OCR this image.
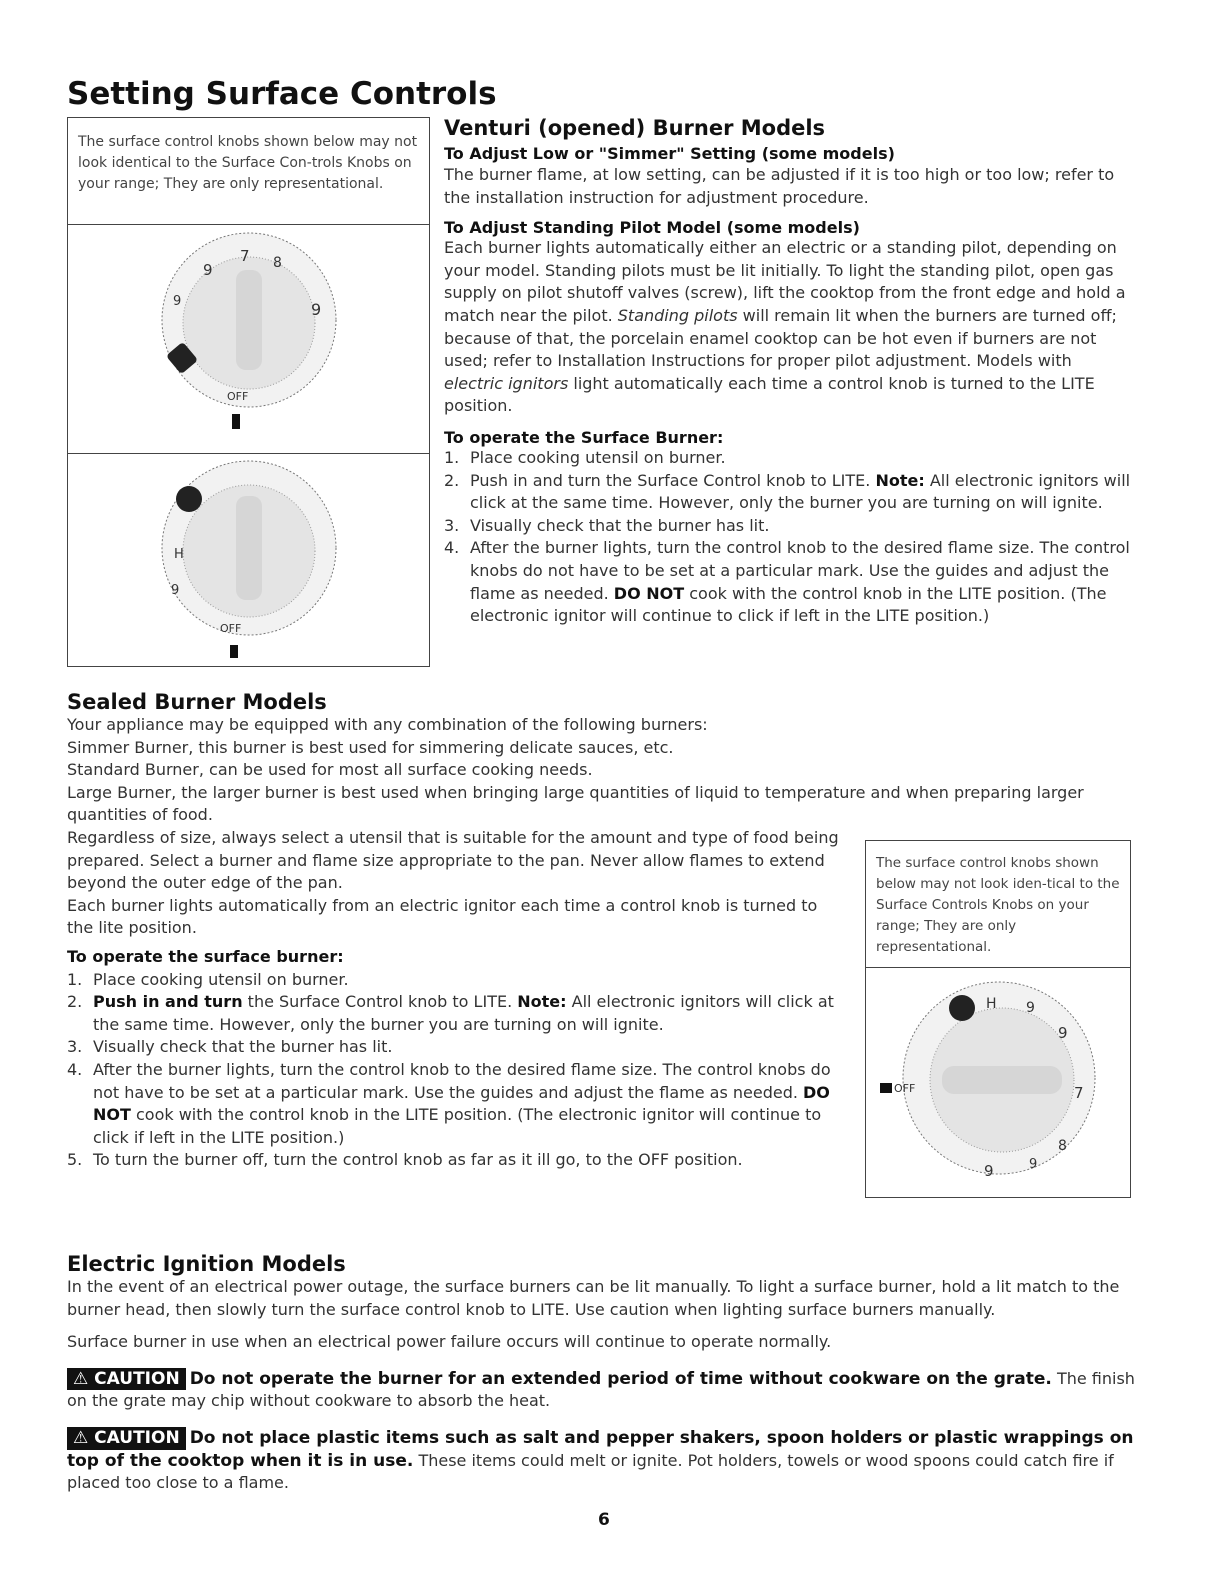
Setting Surface Controls
The surface control knobs shown below may not look identical to the Surface Con-trols Knobs on your range; They are only representational.
9
7 8
9
9
OFF
H
9
OFF
Venturi (opened) Burner Models
To Adjust Low or "Simmer" Setting (some models)
The burner flame, at low setting, can be adjusted if it is too high or too low; refer to the installation instruction for adjustment procedure.
To Adjust Standing Pilot Model (some models)
Each burner lights automatically either an electric or a standing pilot, depending on your model. Standing pilots must be lit initially. To light the standing pilot, open gas supply on pilot shutoff valves (screw), lift the cooktop from the front edge and hold a match near the pilot. Standing pilots will remain lit when the burners are turned off; because of that, the porcelain enamel cooktop can be hot even if burners are not used; refer to Installation Instructions for proper pilot adjustment. Models with electric ignitors light automatically each time a control knob is turned to the LITE position.
To operate the Surface Burner:
1. Place cooking utensil on burner.
2. Push in and turn the Surface Control knob to LITE. Note: All electronic ignitors will click at the same time. However, only the burner you are turning on will ignite.
3. Visually check that the burner has lit.
4. After the burner lights, turn the control knob to the desired flame size. The control knobs do not have to be set at a particular mark. Use the guides and adjust the flame as needed. DO NOT cook with the control knob in the LITE position. (The electronic ignitor will continue to click if left in the LITE position.)
Sealed Burner Models
Your appliance may be equipped with any combination of the following burners:
Simmer Burner, this burner is best used for simmering delicate sauces, etc.
Standard Burner, can be used for most all surface cooking needs.
Large Burner, the larger burner is best used when bringing large quantities of liquid to temperature and when preparing larger quantities of food.
Regardless of size, always select a utensil that is suitable for the amount and type of food being prepared. Select a burner and flame size appropriate to the pan. Never allow flames to extend beyond the outer edge of the pan.
Each burner lights automatically from an electric ignitor each time a control knob is turned to the lite position.
To operate the surface burner:
1. Place cooking utensil on burner.
2. Push in and turn the Surface Control knob to LITE. Note: All electronic ignitors will click at the same time. However, only the burner you are turning on will ignite.
3. Visually check that the burner has lit.
4. After the burner lights, turn the control knob to the desired flame size. The control knobs do not have to be set at a particular mark. Use the guides and adjust the flame as needed. DO NOT cook with the control knob in the LITE position. (The electronic ignitor will continue to click if left in the LITE position.)
5. To turn the burner off, turn the control knob as far as it ill go, to the OFF position.
The surface control knobs shown below may not look iden-tical to the Surface Controls Knobs on your range; They are only representational.
H 9
9
7
8
9	9
OFF
Electric Ignition Models
In the event of an electrical power outage, the surface burners can be lit manually. To light a surface burner, hold a lit match to the burner head, then slowly turn the surface control knob to LITE. Use caution when lighting surface burners manually.
Surface burner in use when an electrical power failure occurs will continue to operate normally.
⚠ CAUTION Do not operate the burner for an extended period of time without cookware on the grate. The finish on the grate may chip without cookware to absorb the heat.
⚠ CAUTION Do not place plastic items such as salt and pepper shakers, spoon holders or plastic wrappings on top of the cooktop when it is in use. These items could melt or ignite. Pot holders, towels or wood spoons could catch fire if placed too close to a flame.
6
